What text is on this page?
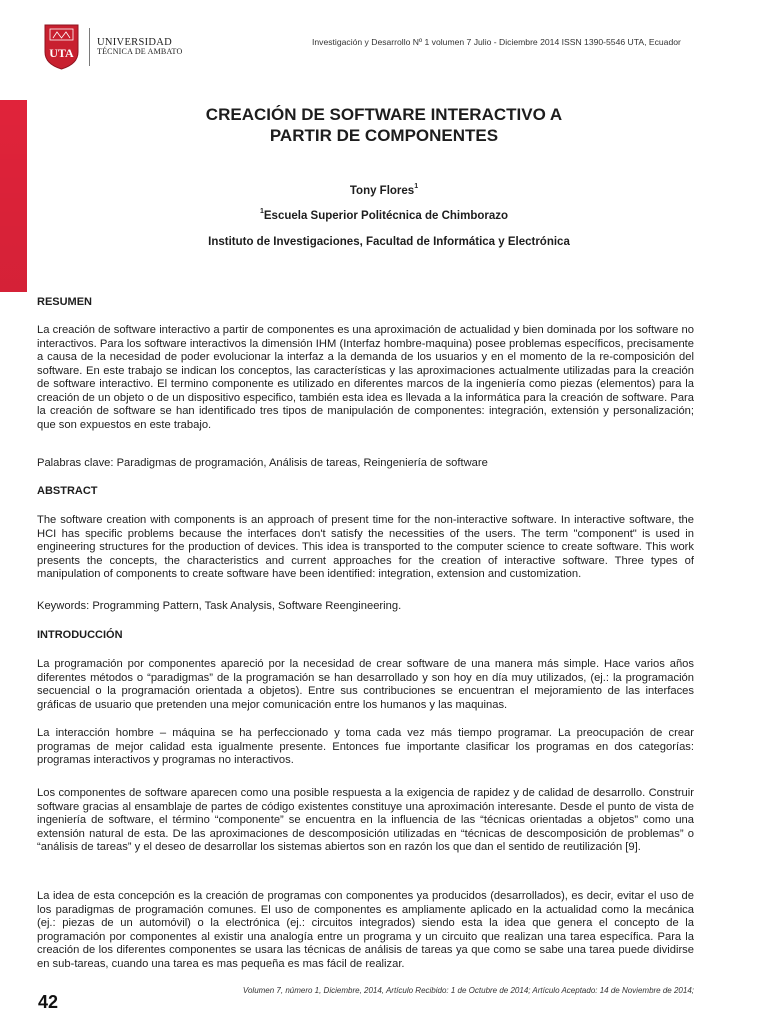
UTA
UNIVERSIDAD
TÉCNICA DE AMBATO
Investigación y Desarrollo Nº 1 volumen 7 Julio - Diciembre 2014 ISSN 1390-5546 UTA, Ecuador
CREACIÓN DE SOFTWARE INTERACTIVO A
PARTIR DE COMPONENTES
Tony Flores$^1$
$^1$Escuela Superior Politécnica de Chimborazo
Instituto de Investigaciones, Facultad de Informática y Electrónica
RESUMEN

La creación de software interactivo a partir de componentes es una aproximación de actualidad y bien dominada por los software no interactivos. Para los software interactivos la dimensión IHM (Interfaz hombre-maquina) posee problemas específicos, precisamente a causa de la necesidad de poder evolucionar la interfaz a la demanda de los usuarios y en el momento de la re-composición del software. En este trabajo se indican los conceptos, las características y las aproximaciones actualmente utilizadas para la creación de software interactivo. El termino componente es utilizado en diferentes marcos de la ingeniería como piezas (elementos) para la creación de un objeto o de un dispositivo especifico, también esta idea es llevada a la informática para la creación de software. Para la creación de software se han identificado tres tipos de manipulación de componentes: integración, extensión y personalización; que son expuestos en este trabajo.

Palabras clave: Paradigmas de programación, Análisis de tareas, Reingeniería de software

ABSTRACT

The software creation with components is an approach of present time for the non-interactive software. In interactive software, the HCI has specific problems because the interfaces don't satisfy the necessities of the users. The term "component" is used in engineering structures for the production of devices. This idea is transported to the computer science to create software. This work presents the concepts, the characteristics and current approaches for the creation of interactive software. Three types of manipulation of components to create software have been identified: integration, extension and customization.

Keywords: Programming Pattern, Task Analysis, Software Reengineering.

INTRODUCCIÓN

La programación por componentes apareció por la necesidad de crear software de una manera más simple. Hace varios años diferentes métodos o “paradigmas” de la programación se han desarrollado y son hoy en día muy utilizados, (ej.: la programación secuencial o la programación orientada a objetos). Entre sus contribuciones se encuentran el mejoramiento de las interfaces gráficas de usuario que pretenden una mejor comunicación entre los humanos y las maquinas.

La interacción hombre – máquina se ha perfeccionado y toma cada vez más tiempo programar. La preocupación de crear programas de mejor calidad esta igualmente presente. Entonces fue importante clasificar los programas en dos categorías: programas interactivos y programas no interactivos.

Los componentes de software aparecen como una posible respuesta a la exigencia de rapidez y de calidad de desarrollo. Construir software gracias al ensamblaje de partes de código existentes constituye una aproximación interesante. Desde el punto de vista de ingeniería de software, el término “componente” se encuentra en la influencia de las “técnicas orientadas a objetos” como una extensión natural de esta. De las aproximaciones de descomposición utilizadas en “técnicas de descomposición de problemas” o “análisis de tareas” y el deseo de desarrollar los sistemas abiertos son en razón los que dan el sentido de reutilización [9].

La idea de esta concepción es la creación de programas con componentes ya producidos (desarrollados), es decir, evitar el uso de los paradigmas de programación comunes. El uso de componentes es ampliamente aplicado en la actualidad como la mecánica (ej.: piezas de un automóvil) o la electrónica (ej.: circuitos integrados) siendo esta la idea que genera el concepto de la programación por componentes al existir una analogía entre un programa y un circuito que realizan una tarea específica. Para la creación de los diferentes componentes se usara las técnicas de análisis de tareas ya que como se sabe una tarea puede dividirse en sub-tareas, cuando una tarea es mas pequeña es mas fácil de realizar.

Volumen 7, número 1, Diciembre, 2014, Artículo Recibido: 1 de Octubre de 2014; Artículo Aceptado: 14 de Noviembre de 2014;
42
